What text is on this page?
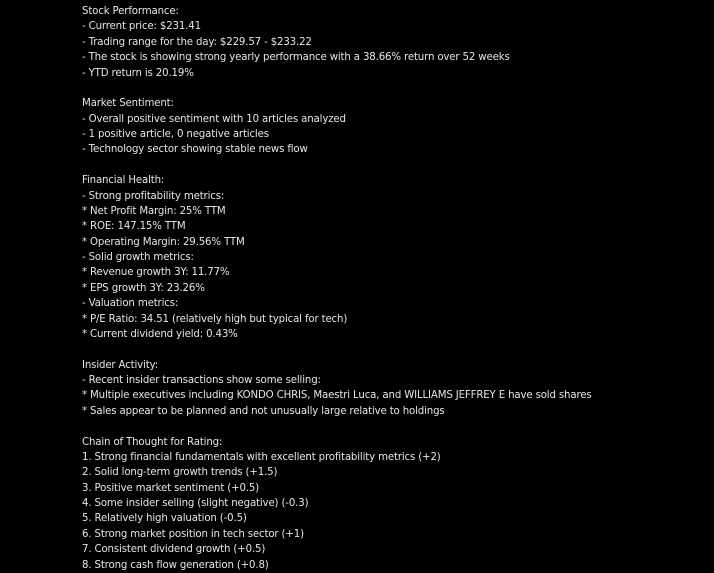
Stock Performance:
- Current price: $231.41
- Trading range for the day: $229.57 - $233.22
- The stock is showing strong yearly performance with a 38.66% return over 52 weeks
- YTD return is 20.19%
Market Sentiment:
- Overall positive sentiment with 10 articles analyzed
- 1 positive article, 0 negative articles
- Technology sector showing stable news flow
Financial Health:
- Strong profitability metrics:
* Net Profit Margin: 25% TTM
* ROE: 147.15% TTM
* Operating Margin: 29.56% TTM
- Solid growth metrics:
* Revenue growth 3Y: 11.77%
* EPS growth 3Y: 23.26%
- Valuation metrics:
* P/E Ratio: 34.51 (relatively high but typical for tech)
* Current dividend yield: 0.43%
Insider Activity:
- Recent insider transactions show some selling:
* Multiple executives including KONDO CHRIS, Maestri Luca, and WILLIAMS JEFFREY E have sold shares
* Sales appear to be planned and not unusually large relative to holdings
Chain of Thought for Rating:
1. Strong financial fundamentals with excellent profitability metrics (+2)
2. Solid long-term growth trends (+1.5)
3. Positive market sentiment (+0.5)
4. Some insider selling (slight negative) (-0.3)
5. Relatively high valuation (-0.5)
6. Strong market position in tech sector (+1)
7. Consistent dividend growth (+0.5)
8. Strong cash flow generation (+0.8)
